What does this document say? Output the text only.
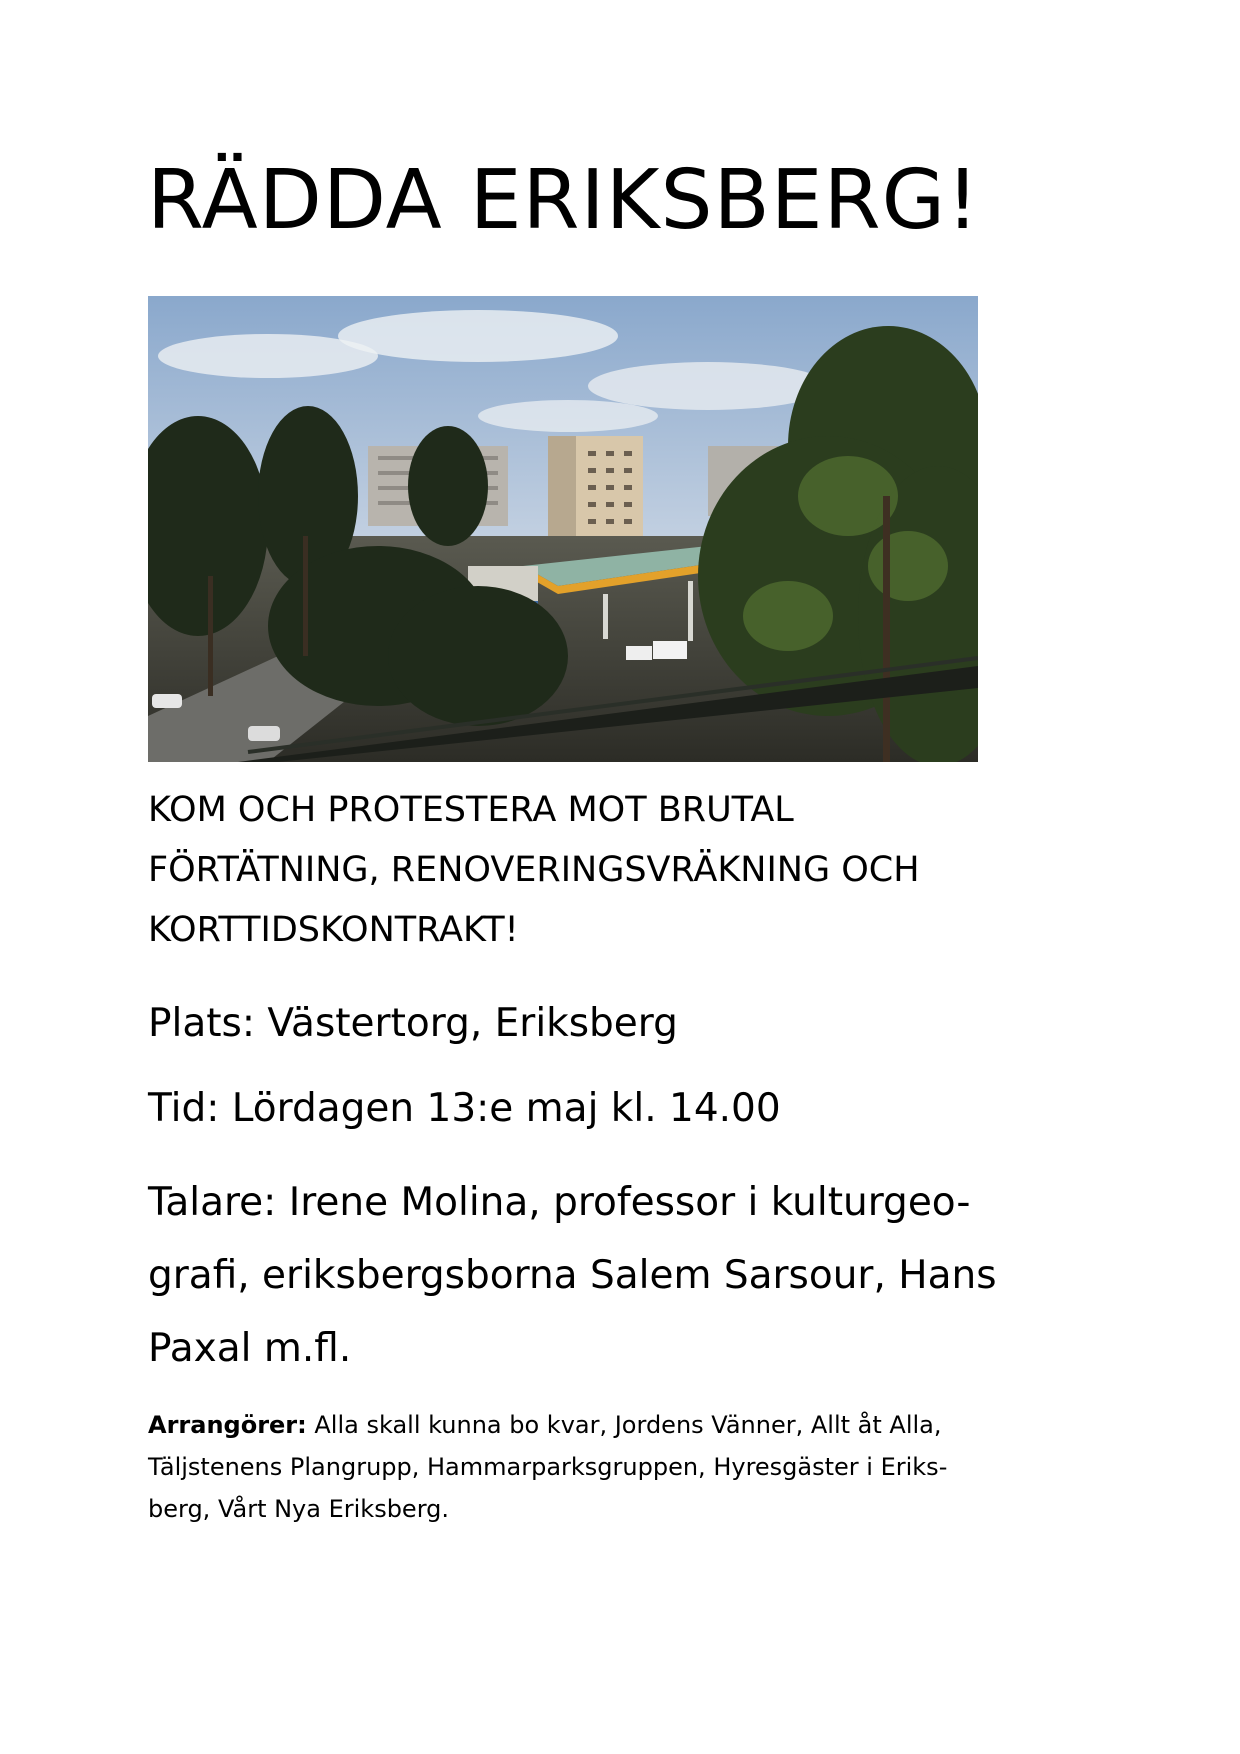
RÄDDA ERIKSBERG!
KOM OCH PROTESTERA MOT BRUTAL
FÖRTÄTNING, RENOVERINGSVRÄKNING OCH
KORTTIDSKONTRAKT!
Plats: Västertorg, Eriksberg
Tid: Lördagen 13:e maj kl. 14.00
Talare: Irene Molina, professor i kulturgeo-
grafi, eriksbergsborna Salem Sarsour, Hans
Paxal m.fl.
Arrangörer: Alla skall kunna bo kvar, Jordens Vänner, Allt åt Alla,
Täljstenens Plangrupp, Hammarparksgruppen, Hyresgäster i Eriks-
berg, Vårt Nya Eriksberg.
